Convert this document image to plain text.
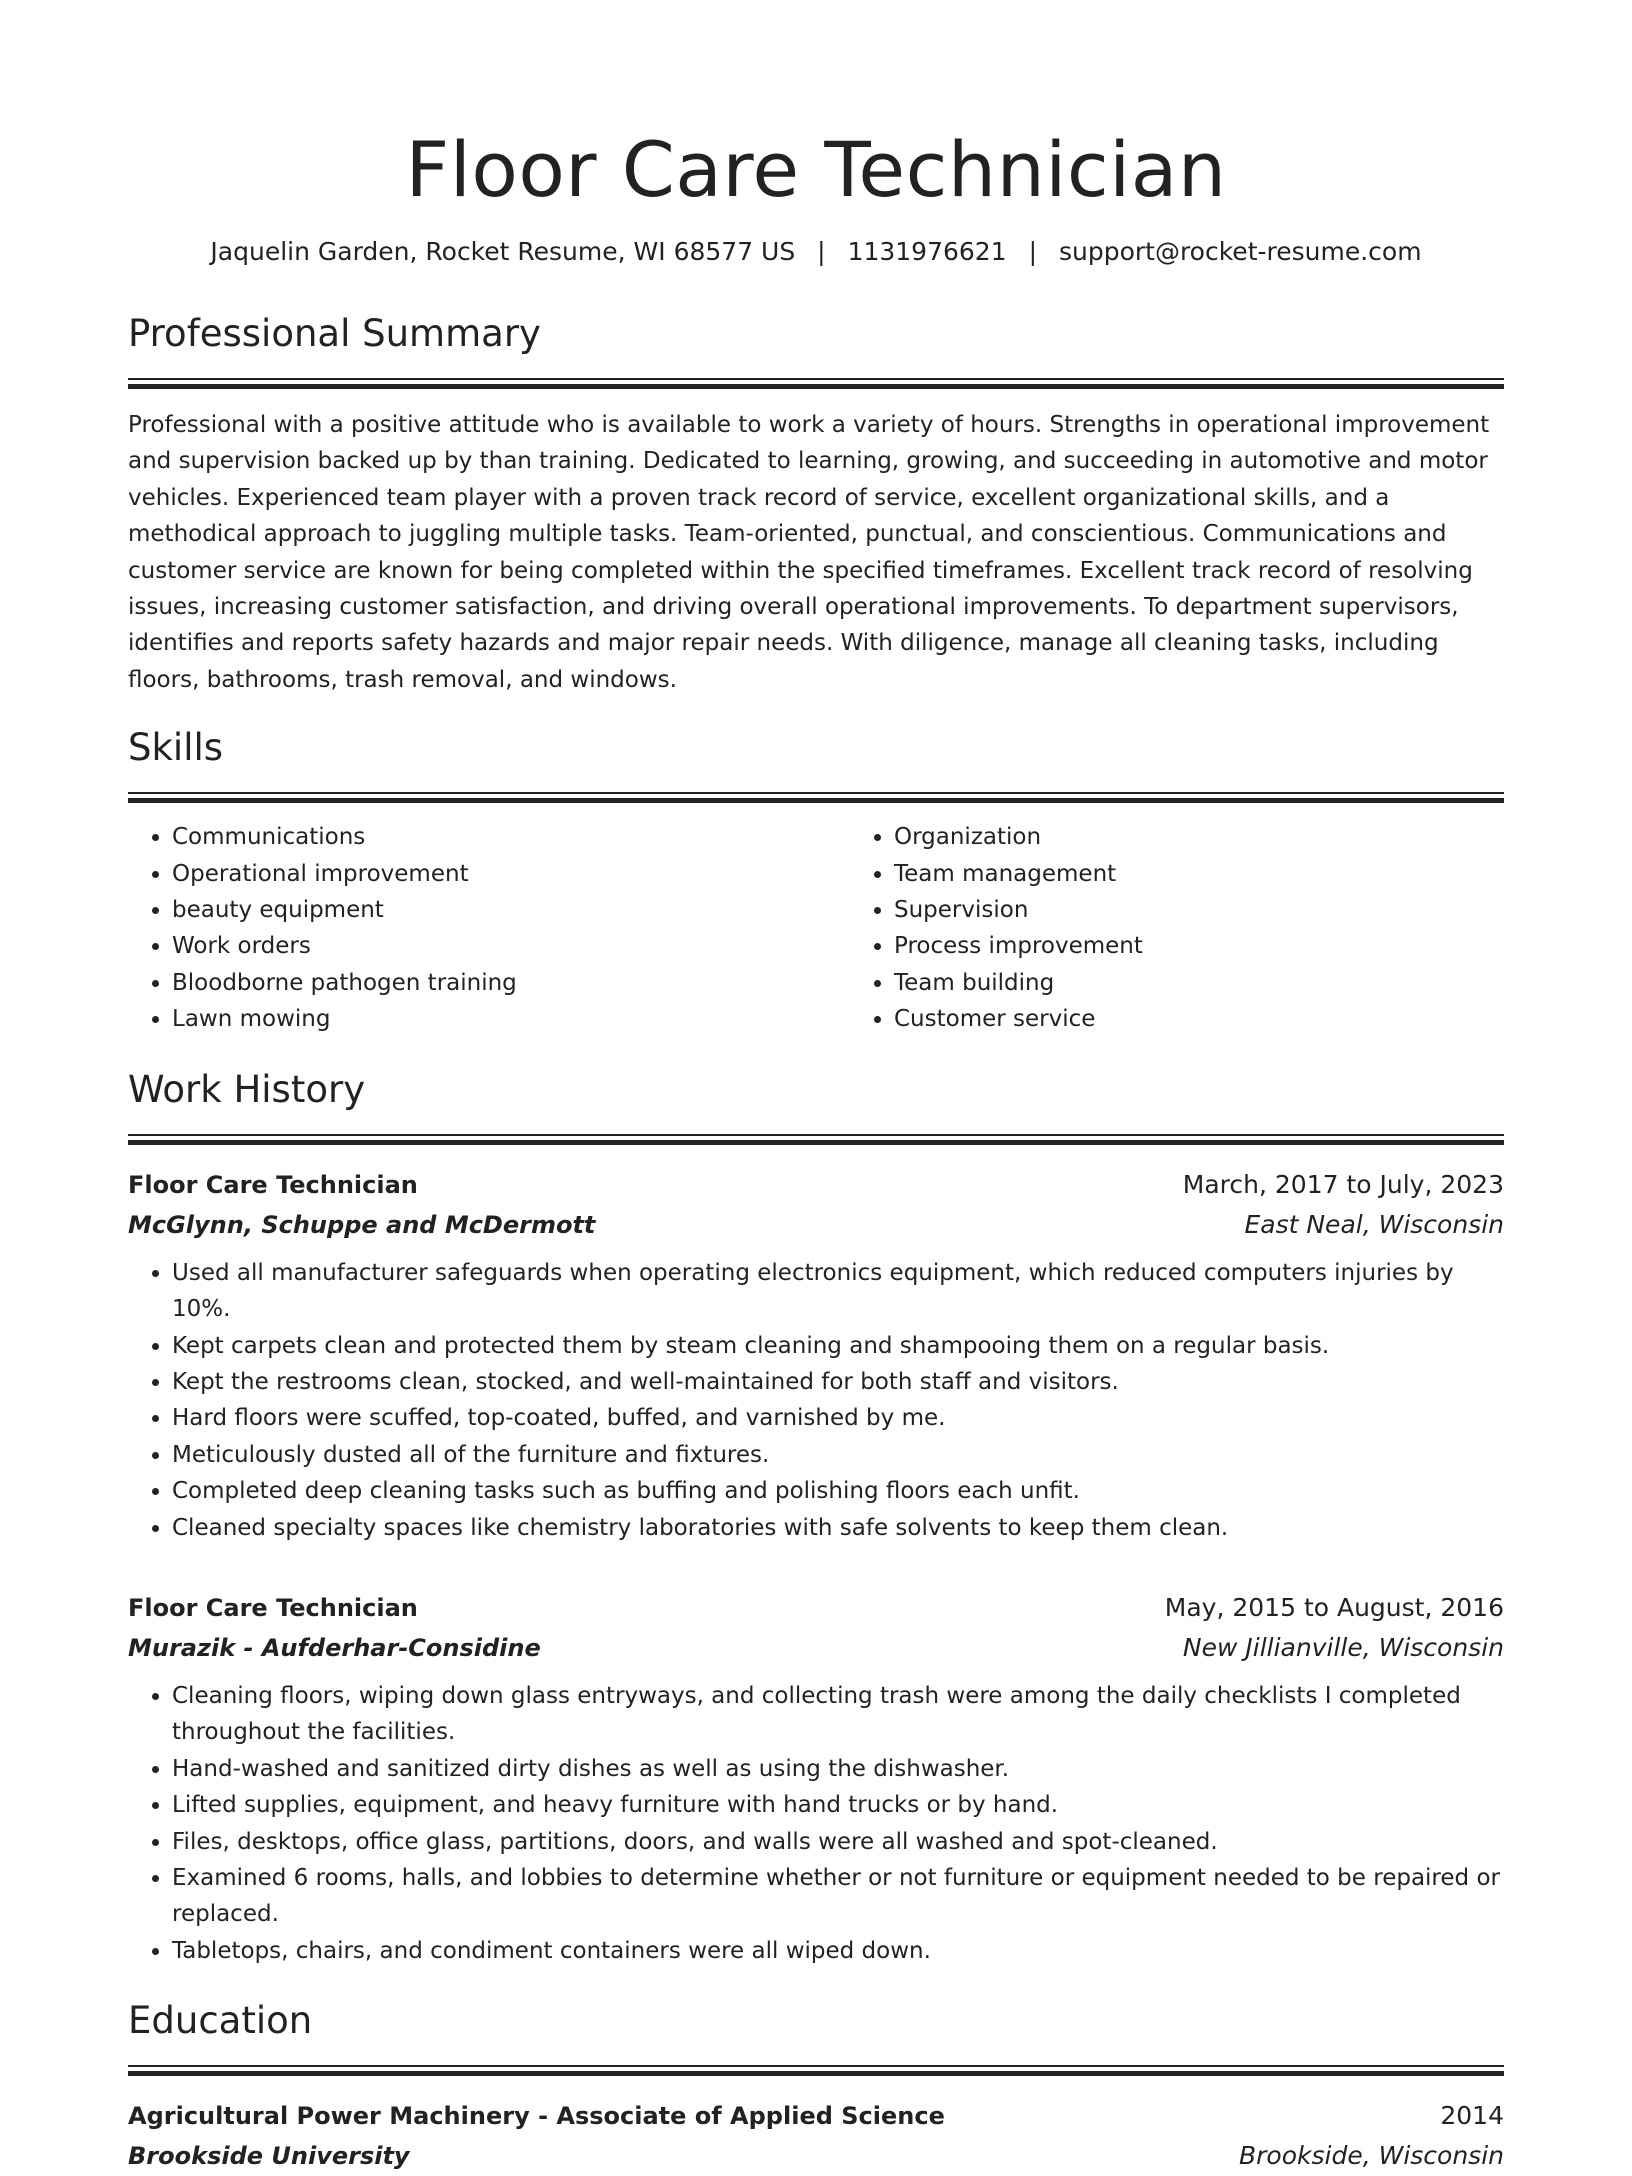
Floor Care Technician
Jaquelin Garden, Rocket Resume, WI 68577 US | 1131976621 | support@rocket-resume.com
Professional Summary
Professional with a positive attitude who is available to work a variety of hours. Strengths in operational improvement and supervision backed up by than training. Dedicated to learning, growing, and succeeding in automotive and motor vehicles. Experienced team player with a proven track record of service, excellent organizational skills, and a methodical approach to juggling multiple tasks. Team-oriented, punctual, and conscientious. Communications and customer service are known for being completed within the specified timeframes. Excellent track record of resolving issues, increasing customer satisfaction, and driving overall operational improvements. To department supervisors, identifies and reports safety hazards and major repair needs. With diligence, manage all cleaning tasks, including floors, bathrooms, trash removal, and windows.
Skills
• Communications
• Operational improvement
• beauty equipment
• Work orders
• Bloodborne pathogen training
• Lawn mowing
• Organization
• Team management
• Supervision
• Process improvement
• Team building
• Customer service
Work History
Floor Care Technician	March, 2017 to July, 2023
McGlynn, Schuppe and McDermott	East Neal, Wisconsin
• Used all manufacturer safeguards when operating electronics equipment, which reduced computers injuries by 10%.
• Kept carpets clean and protected them by steam cleaning and shampooing them on a regular basis.
• Kept the restrooms clean, stocked, and well-maintained for both staff and visitors.
• Hard floors were scuffed, top-coated, buffed, and varnished by me.
• Meticulously dusted all of the furniture and fixtures.
• Completed deep cleaning tasks such as buffing and polishing floors each unfit.
• Cleaned specialty spaces like chemistry laboratories with safe solvents to keep them clean.
Floor Care Technician	May, 2015 to August, 2016
Murazik - Aufderhar-Considine	New Jillianville, Wisconsin
• Cleaning floors, wiping down glass entryways, and collecting trash were among the daily checklists I completed throughout the facilities.
• Hand-washed and sanitized dirty dishes as well as using the dishwasher.
• Lifted supplies, equipment, and heavy furniture with hand trucks or by hand.
• Files, desktops, office glass, partitions, doors, and walls were all washed and spot-cleaned.
• Examined 6 rooms, halls, and lobbies to determine whether or not furniture or equipment needed to be repaired or replaced.
• Tabletops, chairs, and condiment containers were all wiped down.
Education
Agricultural Power Machinery - Associate of Applied Science	2014
Brookside University	Brookside, Wisconsin
